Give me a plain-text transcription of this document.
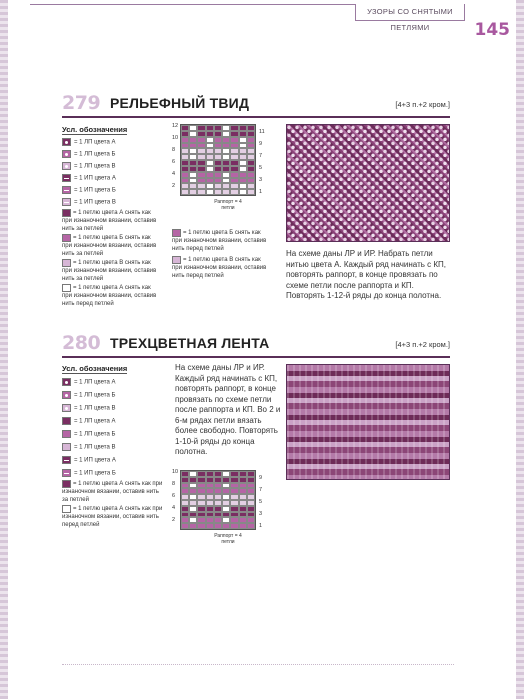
УЗОРЫ СО СНЯТЫМИ ПЕТЛЯМИ	145
279 РЕЛЬЕФНЫЙ ТВИД	[4+3 п.+2 кром.]
Усл. обозначения
= 1 ЛП цвета А
= 1 ЛП цвета Б
= 1 ЛП цвета В
= 1 ИП цвета А
= 1 ИП цвета Б
= 1 ИП цвета В
= 1 петлю цвета А снять как при изнаночном вязании, оставив нить за петлей
= 1 петлю цвета Б снять как при изнаночном вязании, оставив нить за петлей
= 1 петлю цвета В снять как при изнаночном вязании, оставив нить за петлей
= 1 петлю цвета А снять как при изнаночном вязании, оставив нить перед петлей
12
10
8
6
4
2
11
9
7
5
3
1
Раппорт = 4 петли
= 1 петлю цвета Б снять как при изнаночном вязании, оставив нить перед петлей
= 1 петлю цвета В снять как при изнаночном вязании, оставив нить перед петлей
На схеме даны ЛР и ИР. Набрать петли нитью цвета А. Каждый ряд начинать с КП, повторять раппорт, в конце провязать по схеме петли после раппорта и КП. Повторять 1-12-й ряды до конца полотна.
280 ТРЕХЦВЕТНАЯ ЛЕНТА	[4+3 п.+2 кром.]
Усл. обозначения
= 1 ЛП цвета А
= 1 ЛП цвета Б
= 1 ЛП цвета В
= 1 ЛП цвета А
= 1 ЛП цвета Б
= 1 ЛП цвета В
= 1 ИП цвета А
= 1 ИП цвета Б
= 1 петлю цвета А снять как при изнаночном вязании, оставив нить за петлей
= 1 петлю цвета А снять как при изнаночном вязании, оставив нить перед петлей
На схеме даны ЛР и ИР. Каждый ряд начинать с КП, повторять раппорт, в конце провязать по схеме петли после раппорта и КП. Во 2 и 6-м рядах петли вязать более свободно. Повторять 1-10-й ряды до конца полотна.
10
8
6
4
2
9
7
5
3
1
Раппорт = 4 петли
